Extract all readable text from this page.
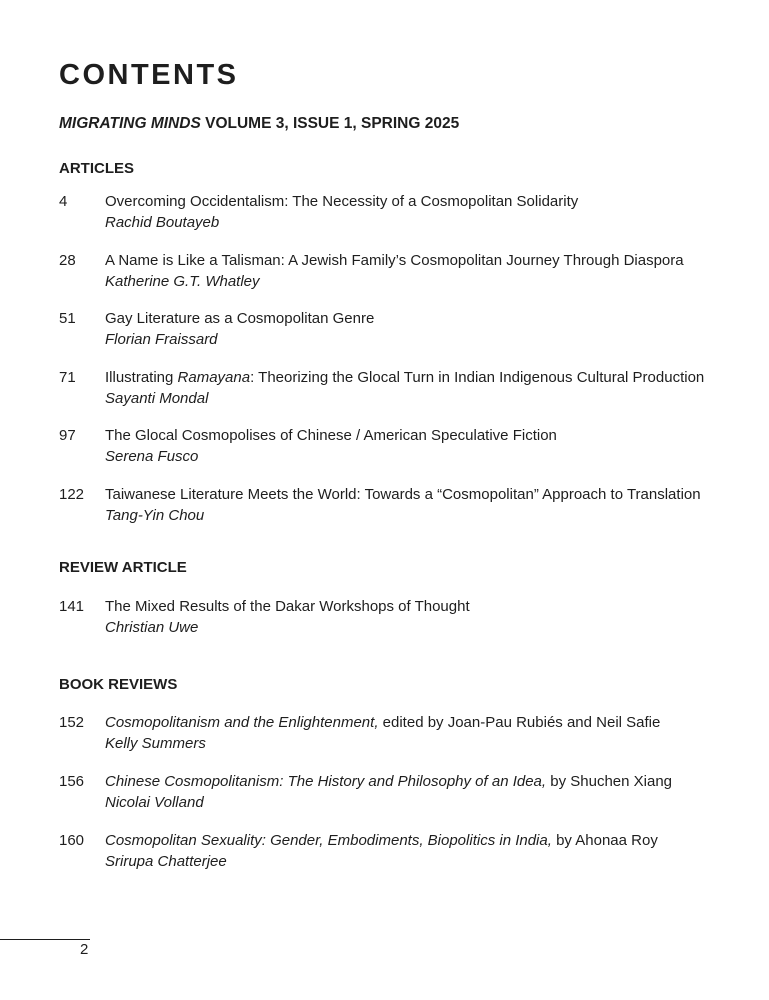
CONTENTS
MIGRATING MINDS VOLUME 3, ISSUE 1, SPRING 2025
ARTICLES
4	Overcoming Occidentalism: The Necessity of a Cosmopolitan Solidarity
Rachid Boutayeb
28 A Name is Like a Talisman: A Jewish Family’s Cosmopolitan Journey Through Diaspora
Katherine G.T. Whatley
51 Gay Literature as a Cosmopolitan Genre
Florian Fraissard
71 Illustrating Ramayana: Theorizing the Glocal Turn in Indian Indigenous Cultural Production
Sayanti Mondal
97 The Glocal Cosmopolises of Chinese / American Speculative Fiction
Serena Fusco
122 Taiwanese Literature Meets the World: Towards a “Cosmopolitan” Approach to Translation
Tang-Yin Chou
REVIEW ARTICLE
141 The Mixed Results of the Dakar Workshops of Thought
Christian Uwe
BOOK REVIEWS
152 Cosmopolitanism and the Enlightenment, edited by Joan-Pau Rubiés and Neil Safie
Kelly Summers
156 Chinese Cosmopolitanism: The History and Philosophy of an Idea, by Shuchen Xiang
Nicolai Volland
160 Cosmopolitan Sexuality: Gender, Embodiments, Biopolitics in India, by Ahonaa Roy
Srirupa Chatterjee
2
